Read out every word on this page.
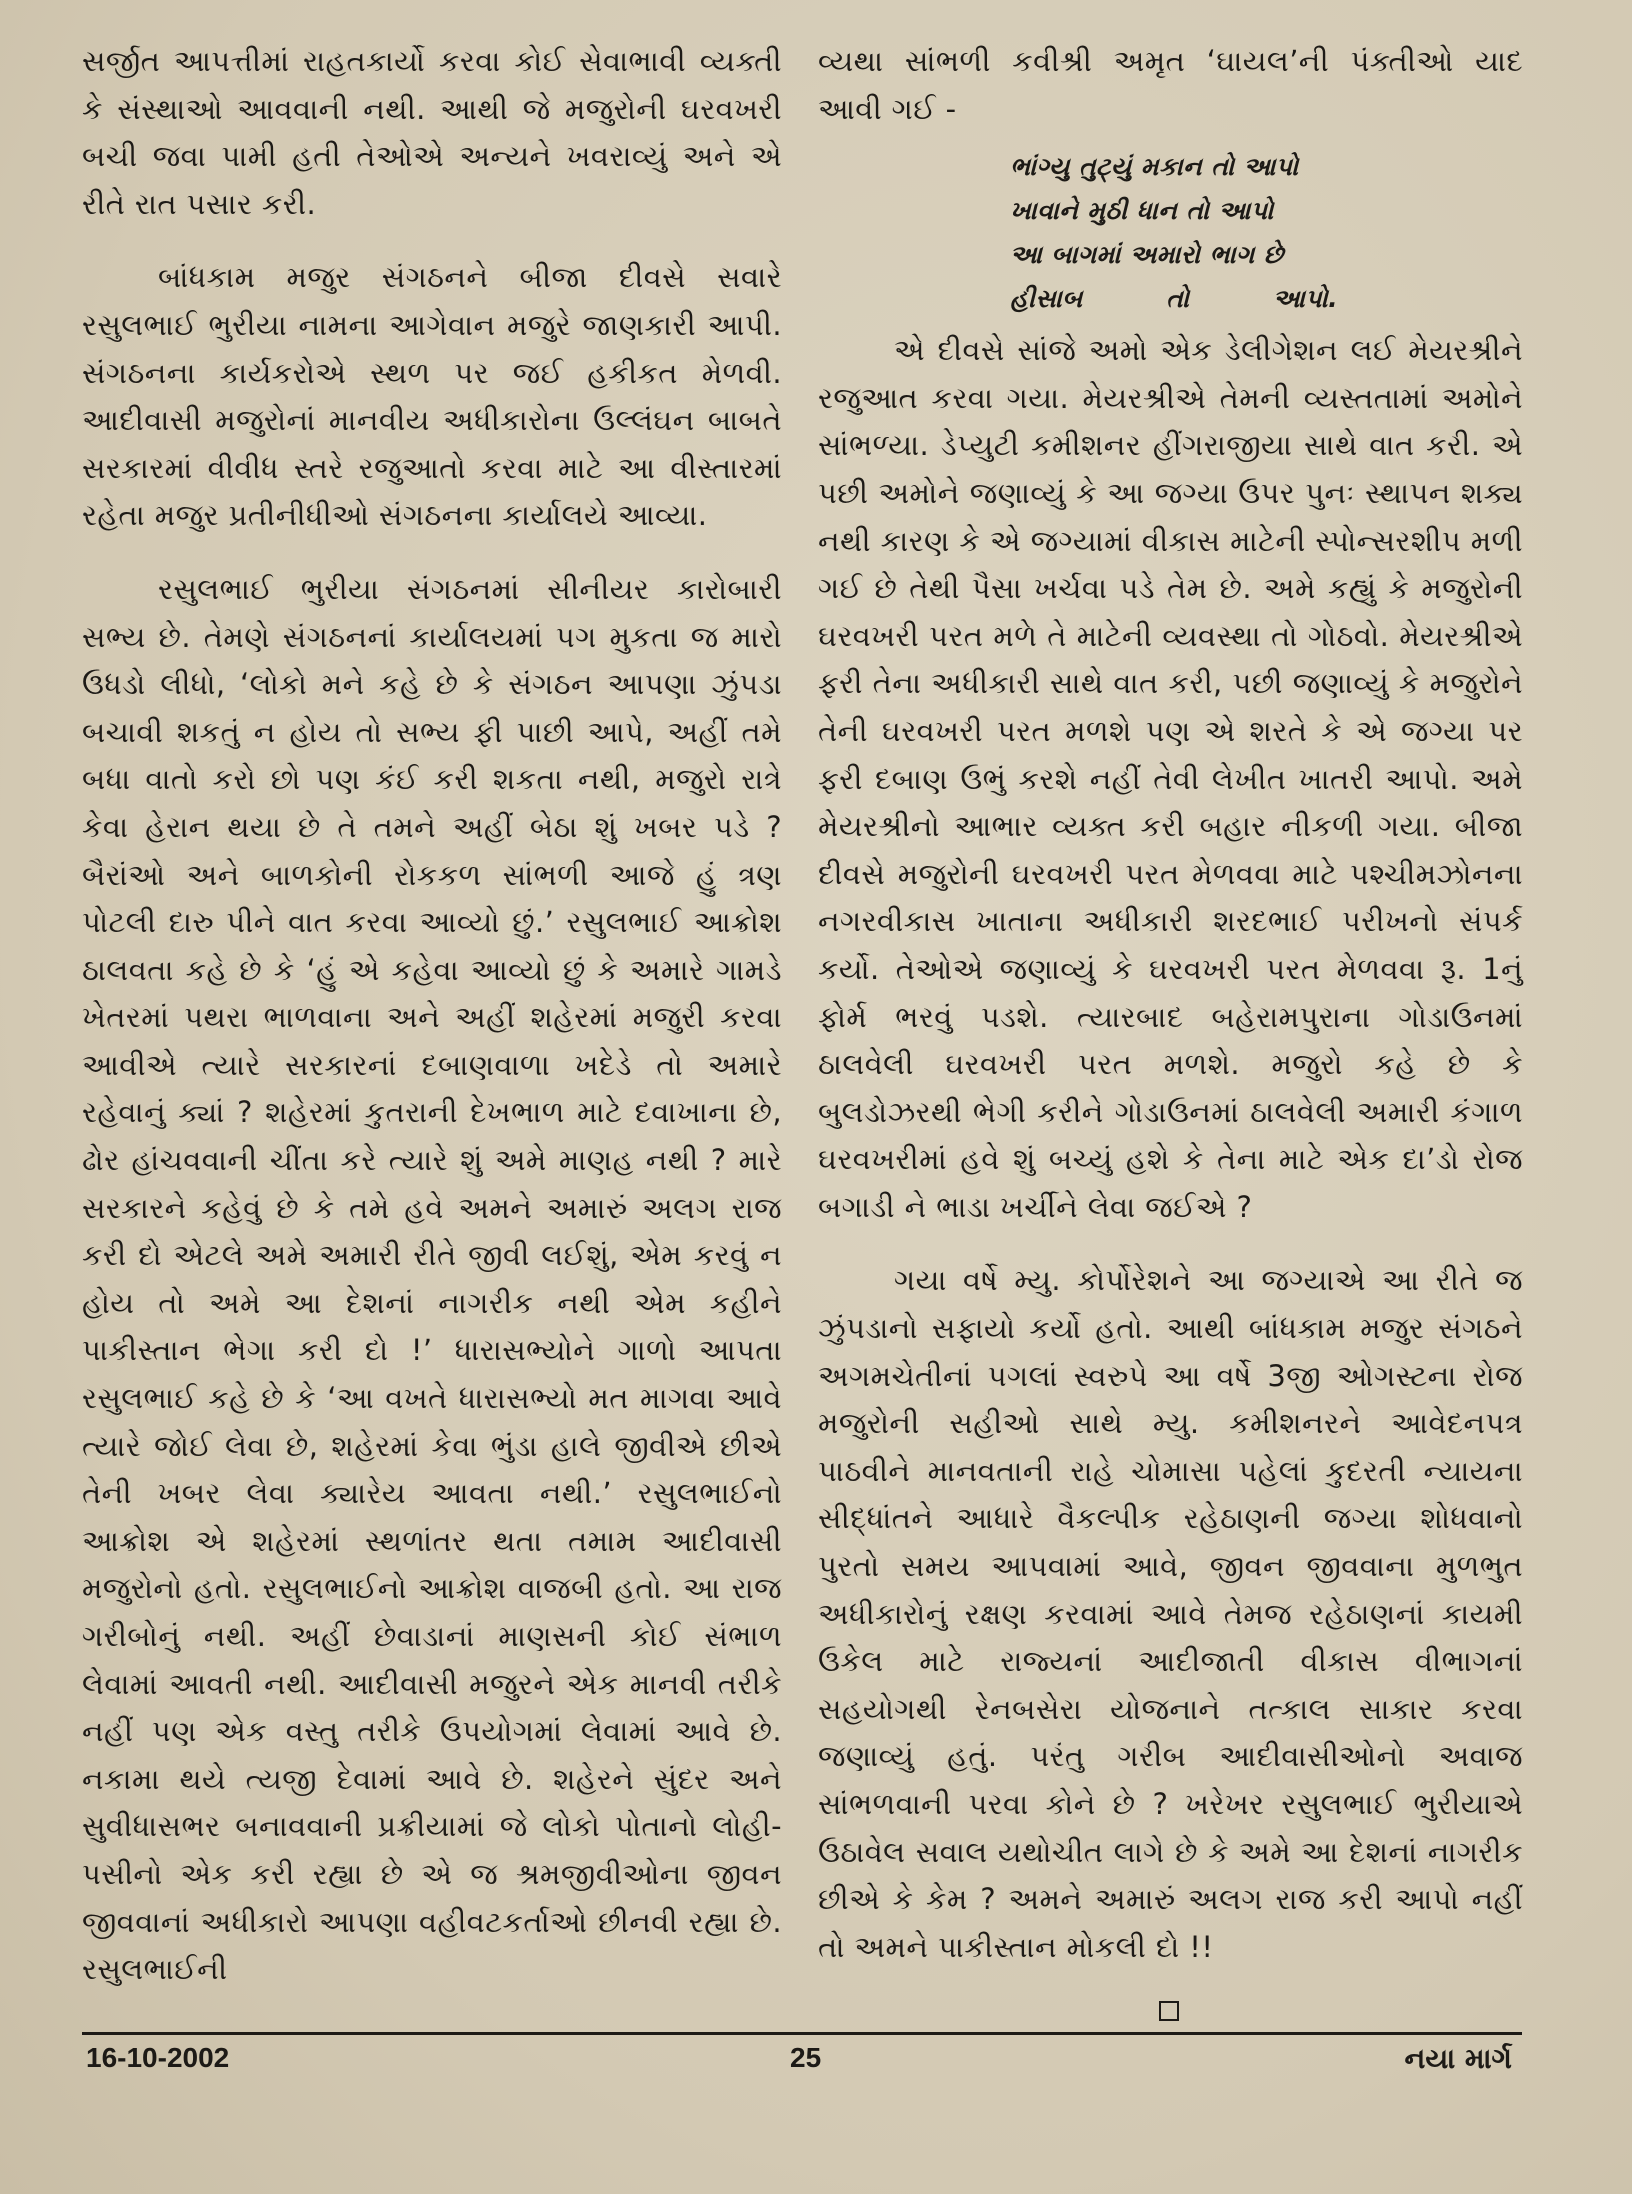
સર્જીત આપત્તીમાં રાહતકાર્યો કરવા કોઈ સેવાભાવી વ્યક્તી કે સંસ્થાઓ આવવાની નથી. આથી જે મજુરોની ઘરવખરી બચી જવા પામી હતી તેઓએ અન્યને ખવરાવ્યું અને એ રીતે રાત પસાર કરી.

બાંધકામ મજુર સંગઠનને બીજા દીવસે સવારે રસુલભાઈ ભુરીયા નામના આગેવાન મજુરે જાણકારી આપી. સંગઠનના કાર્યકરોએ સ્થળ પર જઈ હકીકત મેળવી. આદીવાસી મજુરોનાં માનવીય અધીકારોના ઉલ્લંઘન બાબતે સરકારમાં વીવીધ સ્તરે રજુઆતો કરવા માટે આ વીસ્તારમાં રહેતા મજુર પ્રતીનીધીઓ સંગઠનના કાર્યાલયે આવ્યા.

રસુલભાઈ ભુરીયા સંગઠનમાં સીનીયર કારોબારી સભ્ય છે. તેમણે સંગઠનનાં કાર્યાલયમાં પગ મુકતા જ મારો ઉધડો લીધો, ‘લોકો મને કહે છે કે સંગઠન આપણા ઝુંપડા બચાવી શકતું ન હોય તો સભ્ય ફી પાછી આપે, અહીં તમે બધા વાતો કરો છો પણ કંઈ કરી શકતા નથી, મજુરો રાત્રે કેવા હેરાન થયા છે તે તમને અહીં બેઠા શું ખબર પડે ? બૈરાંઓ અને બાળકોની રોકકળ સાંભળી આજે હું ત્રણ પોટલી દારુ પીને વાત કરવા આવ્યો છું.’ રસુલભાઈ આક્રોશ ઠાલવતા કહે છે કે ‘હું એ કહેવા આવ્યો છું કે અમારે ગામડે ખેતરમાં પથરા ભાળવાના અને અહીં શહેરમાં મજુરી કરવા આવીએ ત્યારે સરકારનાં દબાણવાળા ખદેડે તો અમારે રહેવાનું ક્યાં ? શહેરમાં કુતરાની દેખભાળ માટે દવાખાના છે, ઢોર હાંચવવાની ચીંતા કરે ત્યારે શું અમે માણહ નથી ? મારે સરકારને કહેવું છે કે તમે હવે અમને અમારું અલગ રાજ કરી દો એટલે અમે અમારી રીતે જીવી લઈશું, એમ કરવું ન હોય તો અમે આ દેશનાં નાગરીક નથી એમ કહીને પાકીસ્તાન ભેગા કરી દો !’ ધારાસભ્યોને ગાળો આપતા રસુલભાઈ કહે છે કે ‘આ વખતે ધારાસભ્યો મત માગવા આવે ત્યારે જોઈ લેવા છે, શહેરમાં કેવા ભુંડા હાલે જીવીએ છીએ તેની ખબર લેવા ક્યારેય આવતા નથી.’ રસુલભાઈનો આક્રોશ એ શહેરમાં સ્થળાંતર થતા તમામ આદીવાસી મજુરોનો હતો. રસુલભાઈનો આક્રોશ વાજબી હતો. આ રાજ ગરીબોનું નથી. અહીં છેવાડાનાં માણસની કોઈ સંભાળ લેવામાં આવતી નથી. આદીવાસી મજુરને એક માનવી તરીકે નહીં પણ એક વસ્તુ તરીકે ઉપયોગમાં લેવામાં આવે છે. નકામા થયે ત્યજી દેવામાં આવે છે. શહેરને સુંદર અને સુવીધાસભર બનાવવાની પ્રક્રીયામાં જે લોકો પોતાનો લોહી-પસીનો એક કરી રહ્યા છે એ જ શ્રમજીવીઓના જીવન જીવવાનાં અધીકારો આપણા વહીવટકર્તાઓ છીનવી રહ્યા છે. રસુલભાઈની

વ્યથા સાંભળી કવીશ્રી અમૃત ‘ઘાયલ’ની પંક્તીઓ યાદ આવી ગઈ -

ભાંગ્યુ તુટ્યું મકાન તો આપો
ખાવાને મુઠી ધાન તો આપો
આ બાગમાં અમારો ભાગ છે
હીસાબ	તો	આપો.

એ દીવસે સાંજે અમો એક ડેલીગેશન લઈ મેયરશ્રીને રજુઆત કરવા ગયા. મેયરશ્રીએ તેમની વ્યસ્તતામાં અમોને સાંભળ્યા. ડેપ્યુટી કમીશનર હીંગરાજીયા સાથે વાત કરી. એ પછી અમોને જણાવ્યું કે આ જગ્યા ઉપર પુનઃ સ્થાપન શક્ય નથી કારણ કે એ જગ્યામાં વીકાસ માટેની સ્પોન્સરશીપ મળી ગઈ છે તેથી પૈસા ખર્ચવા પડે તેમ છે. અમે કહ્યું કે મજુરોની ઘરવખરી પરત મળે તે માટેની વ્યવસ્થા તો ગોઠવો. મેયરશ્રીએ ફરી તેના અધીકારી સાથે વાત કરી, પછી જણાવ્યું કે મજુરોને તેની ઘરવખરી પરત મળશે પણ એ શરતે કે એ જગ્યા પર ફરી દબાણ ઉભું કરશે નહીં તેવી લેખીત ખાતરી આપો. અમે મેયરશ્રીનો આભાર વ્યક્ત કરી બહાર નીકળી ગયા. બીજા દીવસે મજુરોની ઘરવખરી પરત મેળવવા માટે પશ્ચીમઝોનના નગરવીકાસ ખાતાના અધીકારી શરદભાઈ પરીખનો સંપર્ક કર્યો. તેઓએ જણાવ્યું કે ઘરવખરી પરત મેળવવા રૂ. 1નું ફોર્મ ભરવું પડશે. ત્યારબાદ બહેરામપુરાના ગોડાઉનમાં ઠાલવેલી ઘરવખરી પરત મળશે. મજુરો કહે છે કે બુલડોઝરથી ભેગી કરીને ગોડાઉનમાં ઠાલવેલી અમારી કંગાળ ઘરવખરીમાં હવે શું બચ્યું હશે કે તેના માટે એક દા’ડો રોજ બગાડી ને ભાડા ખર્ચીને લેવા જઈએ ?

ગયા વર્ષે મ્યુ. કોર્પોરેશને આ જગ્યાએ આ રીતે જ ઝુંપડાનો સફાયો કર્યો હતો. આથી બાંધકામ મજુર સંગઠને અગમચેતીનાં પગલાં સ્વરુપે આ વર્ષે 3જી ઓગસ્ટના રોજ મજુરોની સહીઓ સાથે મ્યુ. કમીશનરને આવેદનપત્ર પાઠવીને માનવતાની રાહે ચોમાસા પહેલાં કુદરતી ન્યાયના સીદ્ધાંતને આધારે વૈકલ્પીક રહેઠાણની જગ્યા શોધવાનો પુરતો સમય આપવામાં આવે, જીવન જીવવાના મુળભુત અધીકારોનું રક્ષણ કરવામાં આવે તેમજ રહેઠાણનાં કાયમી ઉકેલ માટે રાજ્યનાં આદીજાતી વીકાસ વીભાગનાં સહયોગથી રેનબસેરા યોજનાને તત્કાલ સાકાર કરવા જણાવ્યું હતું. પરંતુ ગરીબ આદીવાસીઓનો અવાજ સાંભળવાની પરવા કોને છે ? ખરેખર રસુલભાઈ ભુરીયાએ ઉઠાવેલ સવાલ યથોચીત લાગે છે કે અમે આ દેશનાં નાગરીક છીએ કે કેમ ? અમને અમારું અલગ રાજ કરી આપો નહીં તો અમને પાકીસ્તાન મોકલી દો !!

16-10-2002	25	નયા માર્ગ
